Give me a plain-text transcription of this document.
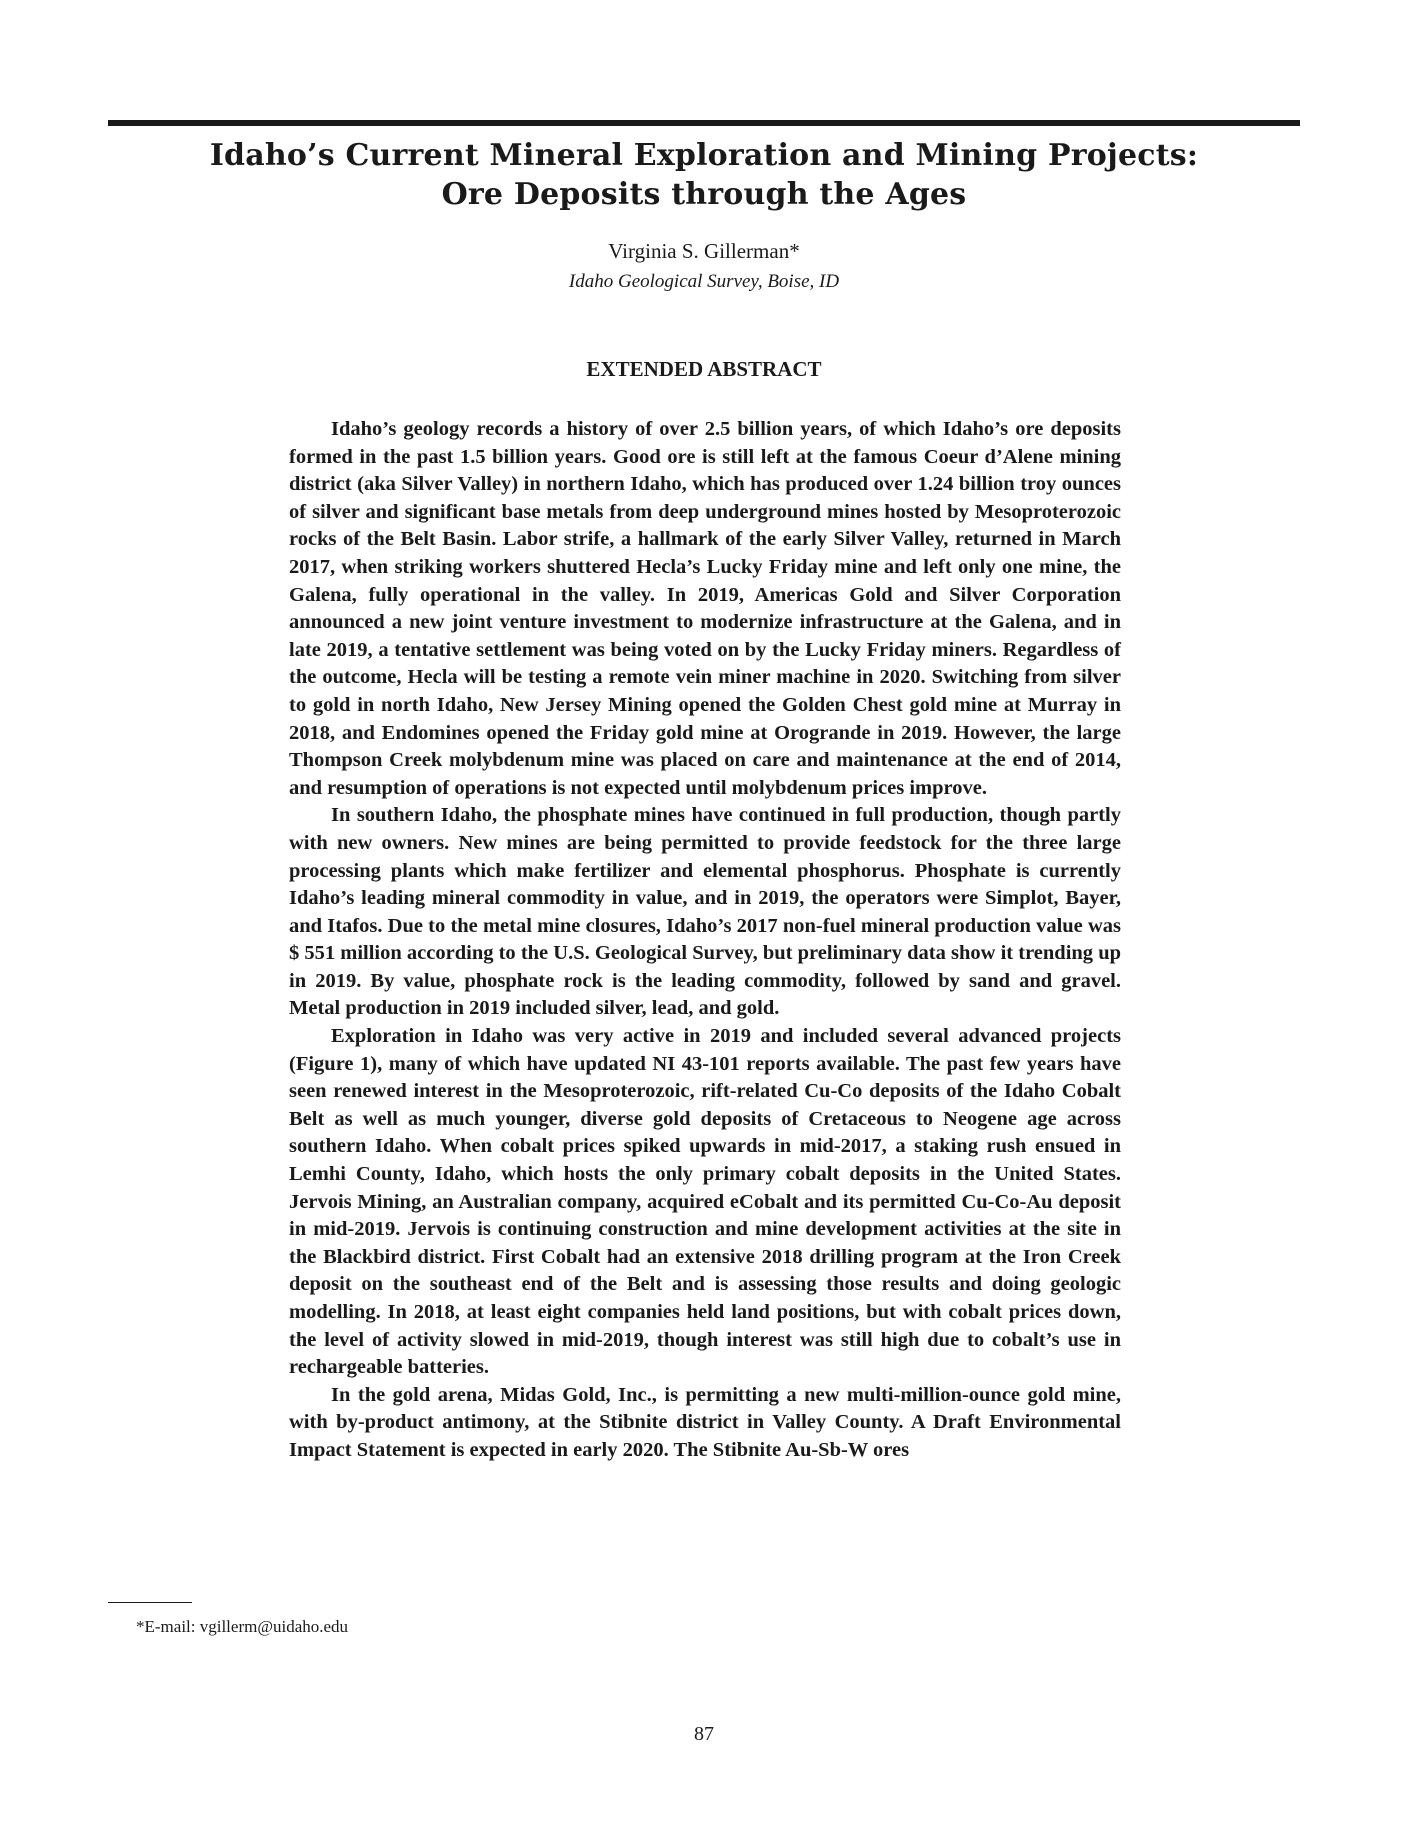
Idaho’s Current Mineral Exploration and Mining Projects:
Ore Deposits through the Ages
Virginia S. Gillerman*
Idaho Geological Survey, Boise, ID
EXTENDED ABSTRACT

Idaho’s geology records a history of over 2.5 billion years, of which Idaho’s ore deposits formed in the past 1.5 billion years. Good ore is still left at the famous Coeur d’Alene mining district (aka Silver Valley) in northern Idaho, which has produced over 1.24 billion troy ounces of silver and significant base metals from deep underground mines hosted by Mesoproterozoic rocks of the Belt Basin. Labor strife, a hallmark of the early Silver Valley, returned in March 2017, when striking workers shuttered Hecla’s Lucky Friday mine and left only one mine, the Galena, fully operational in the valley. In 2019, Americas Gold and Silver Corporation announced a new joint venture investment to modernize infrastructure at the Galena, and in late 2019, a tentative settlement was being voted on by the Lucky Friday miners. Regardless of the outcome, Hecla will be testing a remote vein miner machine in 2020. Switching from silver to gold in north Idaho, New Jersey Mining opened the Golden Chest gold mine at Murray in 2018, and Endomines opened the Friday gold mine at Orogrande in 2019. However, the large Thompson Creek molybdenum mine was placed on care and maintenance at the end of 2014, and resumption of operations is not expected until molybdenum prices improve.

In southern Idaho, the phosphate mines have continued in full production, though partly with new owners. New mines are being permitted to provide feedstock for the three large processing plants which make fertilizer and elemental phosphorus. Phosphate is currently Idaho’s leading mineral commodity in value, and in 2019, the operators were Simplot, Bayer, and Itafos. Due to the metal mine closures, Idaho’s 2017 non-fuel mineral production value was $ 551 million according to the U.S. Geological Survey, but preliminary data show it trending up in 2019. By value, phosphate rock is the leading commodity, followed by sand and gravel. Metal production in 2019 included silver, lead, and gold.

Exploration in Idaho was very active in 2019 and included several advanced projects (Figure 1), many of which have updated NI 43-101 reports available. The past few years have seen renewed interest in the Mesoproterozoic, rift-related Cu-Co deposits of the Idaho Cobalt Belt as well as much younger, diverse gold deposits of Cretaceous to Neogene age across southern Idaho. When cobalt prices spiked upwards in mid-2017, a staking rush ensued in Lemhi County, Idaho, which hosts the only primary cobalt deposits in the United States. Jervois Mining, an Australian company, acquired eCobalt and its permitted Cu-Co-Au deposit in mid-2019. Jervois is continuing construction and mine development activities at the site in the Blackbird district. First Cobalt had an extensive 2018 drilling program at the Iron Creek deposit on the southeast end of the Belt and is assessing those results and doing geologic modelling. In 2018, at least eight companies held land positions, but with cobalt prices down, the level of activity slowed in mid-2019, though interest was still high due to cobalt’s use in rechargeable batteries.

In the gold arena, Midas Gold, Inc., is permitting a new multi-million-ounce gold mine, with by-product antimony, at the Stibnite district in Valley County. A Draft Environmental Impact Statement is expected in early 2020. The Stibnite Au-Sb-W ores

*E-mail: vgillerm@uidaho.edu
87
